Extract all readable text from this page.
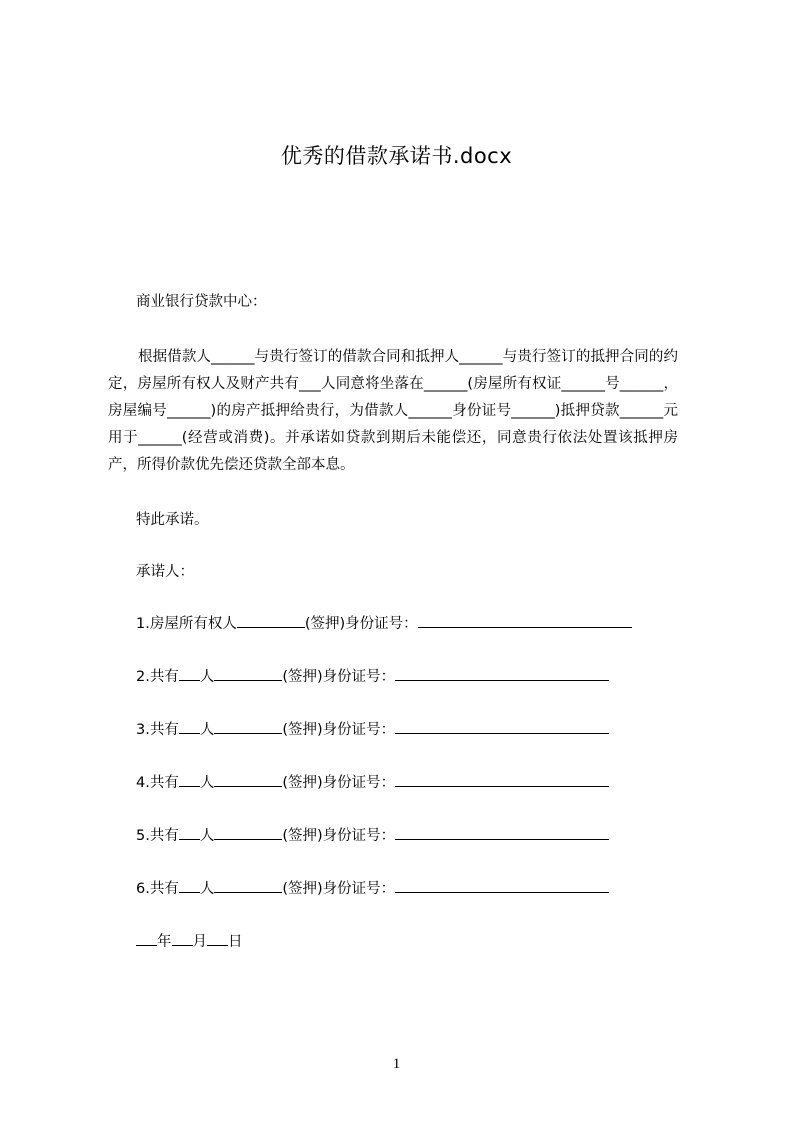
优秀的借款承诺书.docx
商业银行贷款中心：
根据借款人______与贵行签订的借款合同和抵押人______与贵行签订的抵押合同的约定，房屋所有权人及财产共有___人同意将坐落在______(房屋所有权证______号______，房屋编号______)的房产抵押给贵行，为借款人______身份证号______)抵押贷款______元用于______(经营或消费)。并承诺如贷款到期后未能偿还，同意贵行依法处置该抵押房产，所得价款优先偿还贷款全部本息。
特此承诺。
承诺人：
1.房屋所有权人	(签押)身份证号：
2.共有 人	(签押)身份证号：
3.共有 人	(签押)身份证号：
4.共有 人	(签押)身份证号：
5.共有 人	(签押)身份证号：
6.共有 人	(签押)身份证号：
年 月 日
1
